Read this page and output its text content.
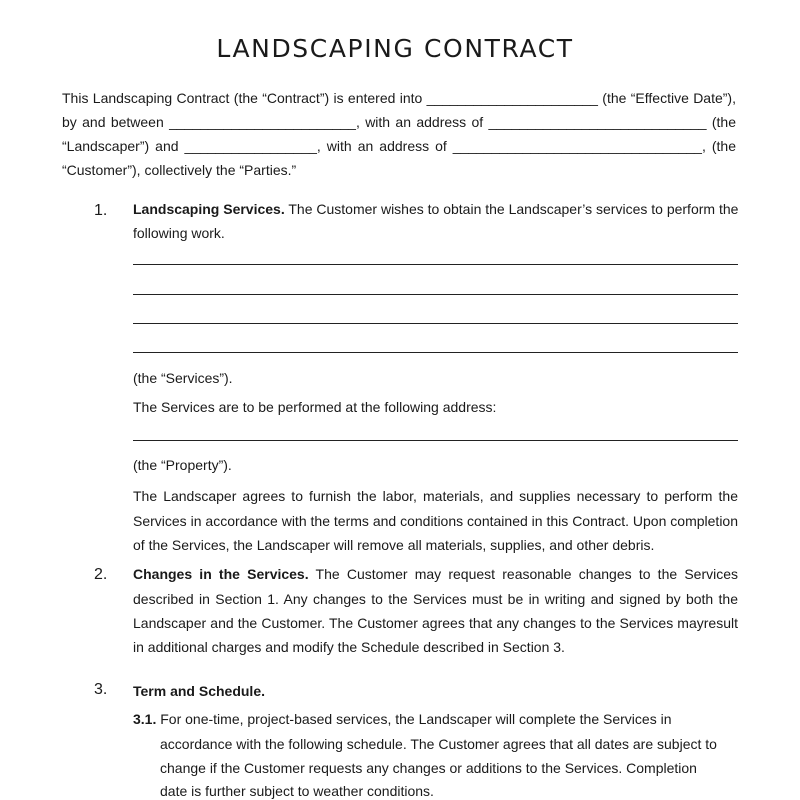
LANDSCAPING CONTRACT
This Landscaping Contract (the “Contract”) is entered into ______________________ (the “Effective Date”),
by and between ________________________, with an address of ____________________________ (the
“Landscaper”) and _________________, with an address of ________________________________, (the
“Customer”), collectively the “Parties.”
1. Landscaping Services. The Customer wishes to obtain the Landscaper’s services to perform the
following work.
(the “Services”).
The Services are to be performed at the following address:
(the “Property”).
The Landscaper agrees to furnish the labor, materials, and supplies necessary to perform the
Services in accordance with the terms and conditions contained in this Contract. Upon completion
of the Services, the Landscaper will remove all materials, supplies, and other debris.
2. Changes in the Services. The Customer may request reasonable changes to the Services
described in Section 1. Any changes to the Services must be in writing and signed by both the
Landscaper and the Customer. The Customer agrees that any changes to the Services mayresult
in additional charges and modify the Schedule described in Section 3.
3. Term and Schedule.
3.1. For one-time, project-based services, the Landscaper will complete the Services in
accordance with the following schedule. The Customer agrees that all dates are subject to
change if the Customer requests any changes or additions to the Services. Completion
date is further subject to weather conditions.
